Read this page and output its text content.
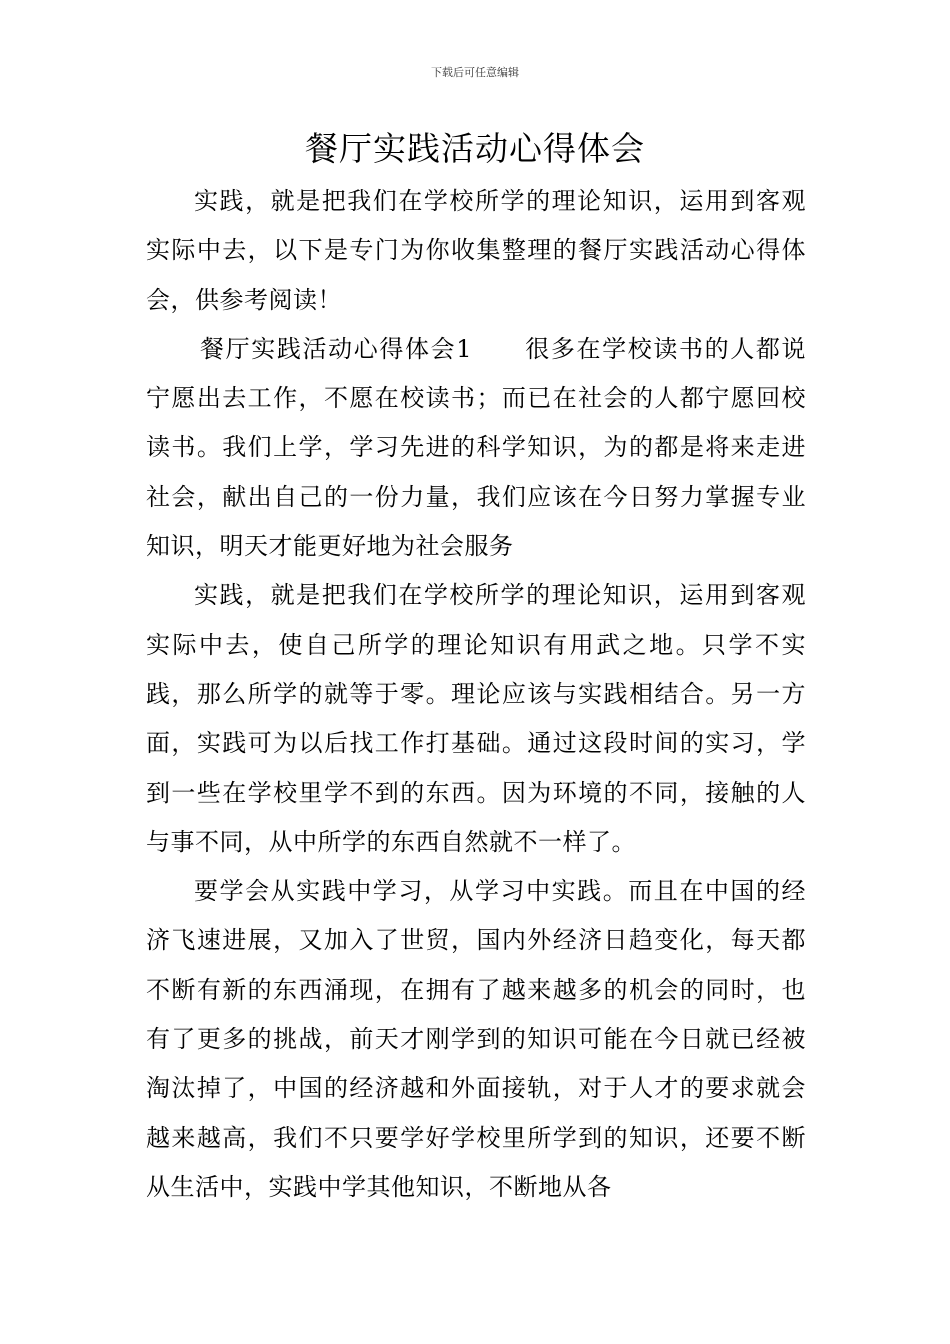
下载后可任意编辑
餐厅实践活动心得体会

实践，就是把我们在学校所学的理论知识，运用到客观实际中去，以下是专门为你收集整理的餐厅实践活动心得体会，供参考阅读！

餐厅实践活动心得体会1 很多在学校读书的人都说宁愿出去工作，不愿在校读书；而已在社会的人都宁愿回校读书。我们上学，学习先进的科学知识，为的都是将来走进社会，献出自己的一份力量，我们应该在今日努力掌握专业知识，明天才能更好地为社会服务

实践，就是把我们在学校所学的理论知识，运用到客观实际中去，使自己所学的理论知识有用武之地。只学不实践，那么所学的就等于零。理论应该与实践相结合。另一方面，实践可为以后找工作打基础。通过这段时间的实习，学到一些在学校里学不到的东西。因为环境的不同，接触的人与事不同，从中所学的东西自然就不一样了。

要学会从实践中学习，从学习中实践。而且在中国的经济飞速进展，又加入了世贸，国内外经济日趋变化，每天都不断有新的东西涌现，在拥有了越来越多的机会的同时，也有了更多的挑战，前天才刚学到的知识可能在今日就已经被淘汰掉了，中国的经济越和外面接轨，对于人才的要求就会越来越高，我们不只要学好学校里所学到的知识，还要不断从生活中，实践中学其他知识，不断地从各
